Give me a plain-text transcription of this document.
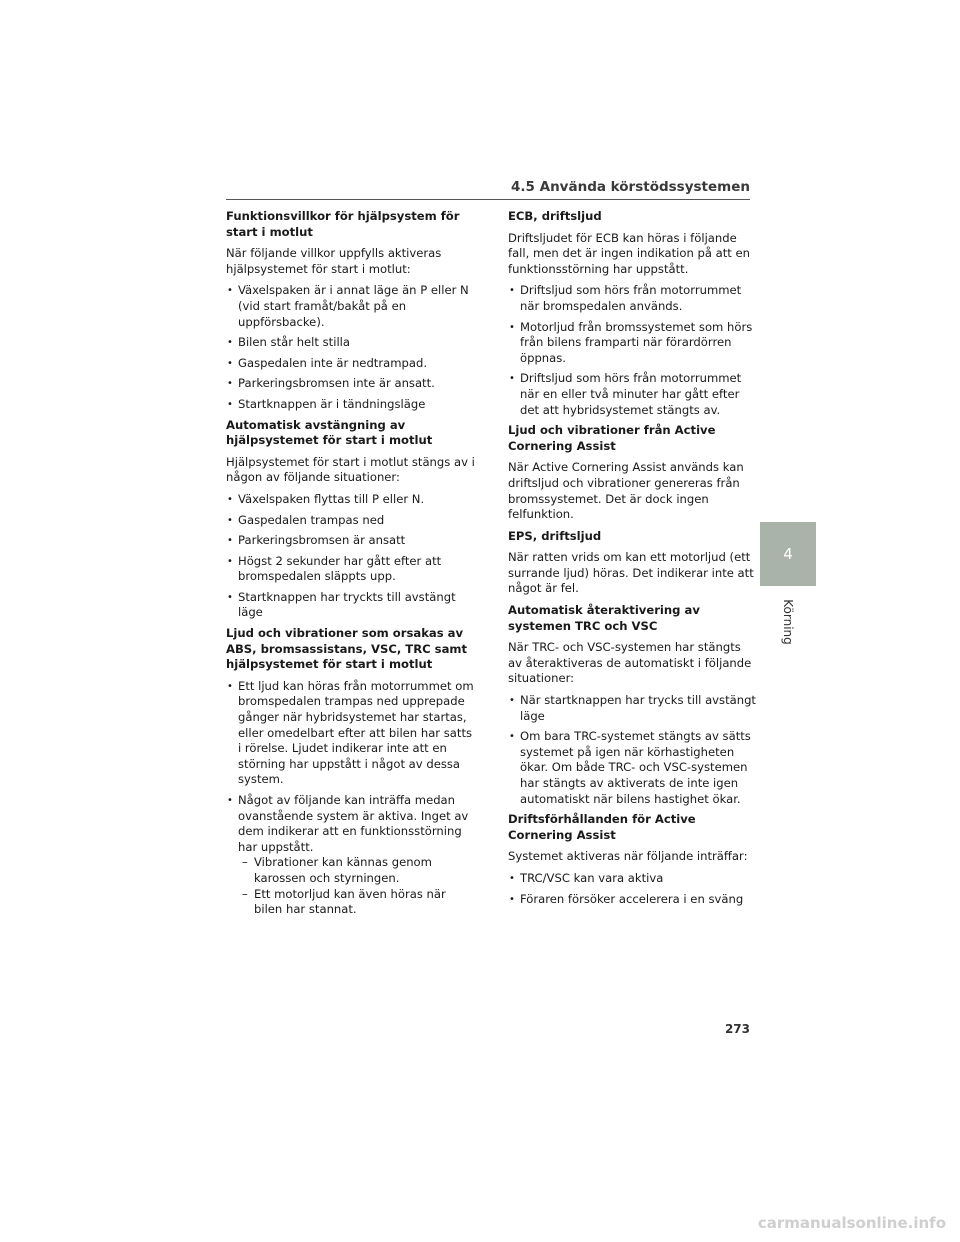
4.5 Använda körstödssystemen
Funktionsvillkor för hjälpsystem för start i motlut
När följande villkor uppfylls aktiveras hjälpsystemet för start i motlut:
• Växelspaken är i annat läge än P eller N (vid start framåt/bakåt på en uppförsbacke).
• Bilen står helt stilla
• Gaspedalen inte är nedtrampad.
• Parkeringsbromsen inte är ansatt.
• Startknappen är i tändningsläge
Automatisk avstängning av hjälpsystemet för start i motlut
Hjälpsystemet för start i motlut stängs av i någon av följande situationer:
• Växelspaken flyttas till P eller N.
• Gaspedalen trampas ned
• Parkeringsbromsen är ansatt
• Högst 2 sekunder har gått efter att bromspedalen släppts upp.
• Startknappen har tryckts till avstängt läge
Ljud och vibrationer som orsakas av ABS, bromsassistans, VSC, TRC samt hjälpsystemet för start i motlut
• Ett ljud kan höras från motorrummet om bromspedalen trampas ned upprepade gånger när hybridsystemet har startas, eller omedelbart efter att bilen har satts i rörelse. Ljudet indikerar inte att en störning har uppstått i något av dessa system.
• Något av följande kan inträffa medan ovanstående system är aktiva. Inget av dem indikerar att en funktionsstörning har uppstått.
– Vibrationer kan kännas genom karossen och styrningen.
– Ett motorljud kan även höras när bilen har stannat.
ECB, driftsljud
Driftsljudet för ECB kan höras i följande fall, men det är ingen indikation på att en funktionsstörning har uppstått.
• Driftsljud som hörs från motorrummet när bromspedalen används.
• Motorljud från bromssystemet som hörs från bilens framparti när förardörren öppnas.
• Driftsljud som hörs från motorrummet när en eller två minuter har gått efter det att hybridsystemet stängts av.
Ljud och vibrationer från Active Cornering Assist
När Active Cornering Assist används kan driftsljud och vibrationer genereras från bromssystemet. Det är dock ingen felfunktion.
EPS, driftsljud
När ratten vrids om kan ett motorljud (ett surrande ljud) höras. Det indikerar inte att något är fel.
Automatisk återaktivering av systemen TRC och VSC
När TRC- och VSC-systemen har stängts av återaktiveras de automatiskt i följande situationer:
• När startknappen har trycks till avstängt läge
• Om bara TRC-systemet stängts av sätts systemet på igen när körhastigheten ökar. Om både TRC- och VSC-systemen har stängts av aktiverats de inte igen automatiskt när bilens hastighet ökar.
Driftsförhållanden för Active Cornering Assist
Systemet aktiveras när följande inträffar:
• TRC/VSC kan vara aktiva
• Föraren försöker accelerera i en sväng
4
Körning
273
carmanualsonline.info
